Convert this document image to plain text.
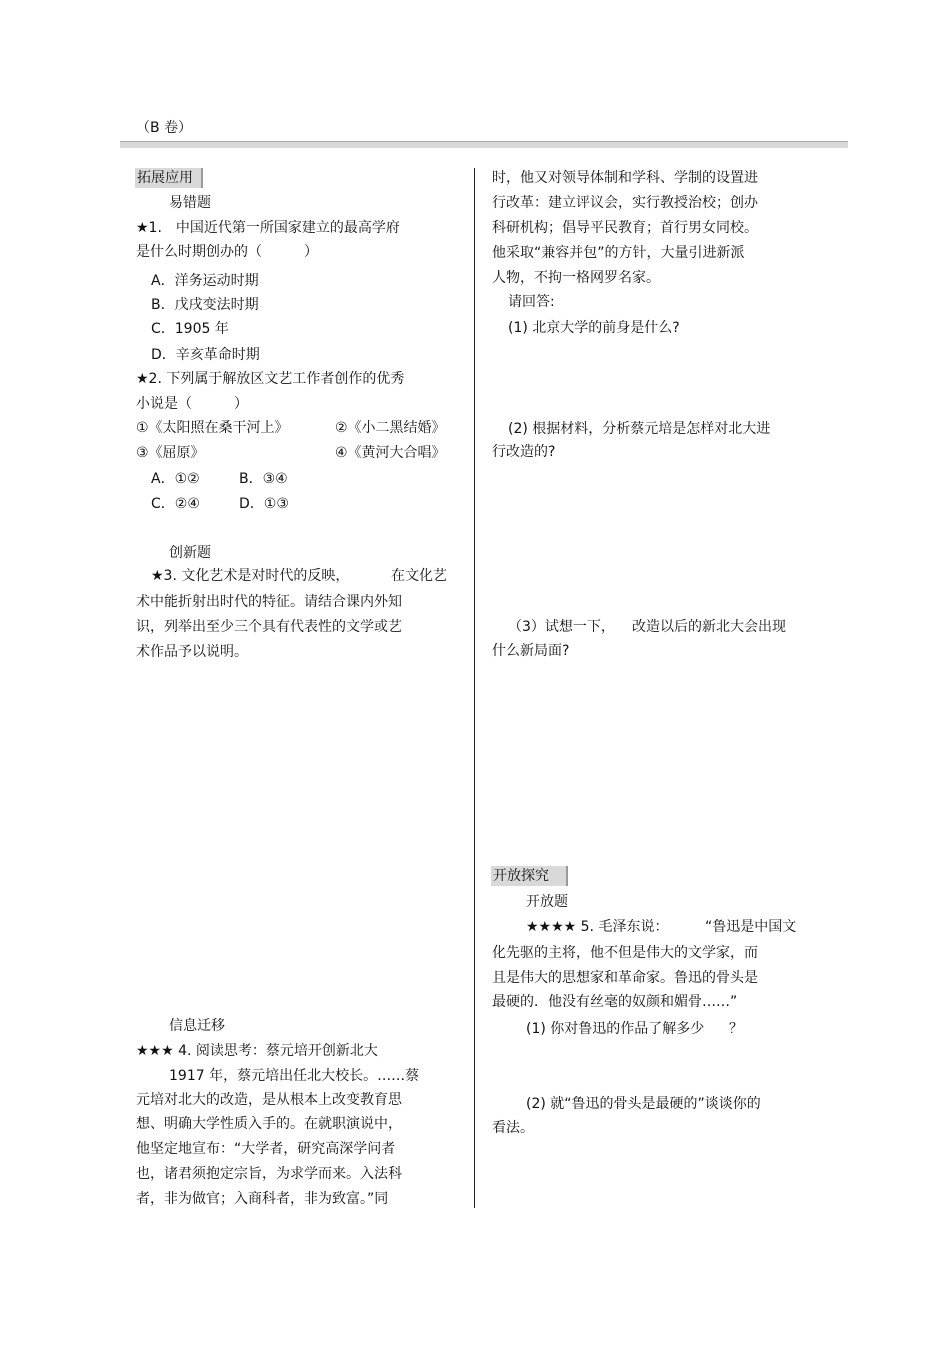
（B 卷）
拓展应用
易错题
★1.　中国近代第一所国家建立的最高学府
是什么时期创办的（　　　）
A．洋务运动时期
B．戊戌变法时期
C．1905 年
D．辛亥革命时期
★2. 下列属于解放区文艺工作者创作的优秀
小说是（　　　）
①《太阳照在桑干河上》	②《小二黑结婚》
③《屈原》	④《黄河大合唱》
A．①②	B．③④
C．②④	D．①③
创新题
★3. 文化艺术是对时代的反映，	在文化艺
术中能折射出时代的特征。请结合课内外知
识，列举出至少三个具有代表性的文学或艺
术作品予以说明。
信息迁移
★★★ 4. 阅读思考：蔡元培开创新北大
1917 年，蔡元培出任北大校长。……蔡
元培对北大的改造，是从根本上改变教育思
想、明确大学性质入手的。在就职演说中，
他坚定地宣布：“大学者，研究高深学问者
也，诸君须抱定宗旨，为求学而来。入法科
者，非为做官；入商科者，非为致富。”同
时，他又对领导体制和学科、学制的设置进
行改革：建立评议会，实行教授治校；创办
科研机构；倡导平民教育；首行男女同校。
他采取“兼容并包”的方针，大量引进新派
人物，不拘一格网罗名家。
请回答:
(1) 北京大学的前身是什么?
(2) 根据材料，分析蔡元培是怎样对北大进
行改造的?
（3）试想一下， 改造以后的新北大会出现
什么新局面?
开放探究
开放题
★★★★ 5. 毛泽东说：	“鲁迅是中国文
化先驱的主将，他不但是伟大的文学家，而
且是伟大的思想家和革命家。鲁迅的骨头是
最硬的．他没有丝毫的奴颜和媚骨……”
(1) 你对鲁迅的作品了解多少 ？
(2) 就“鲁迅的骨头是最硬的”谈谈你的
看法。
